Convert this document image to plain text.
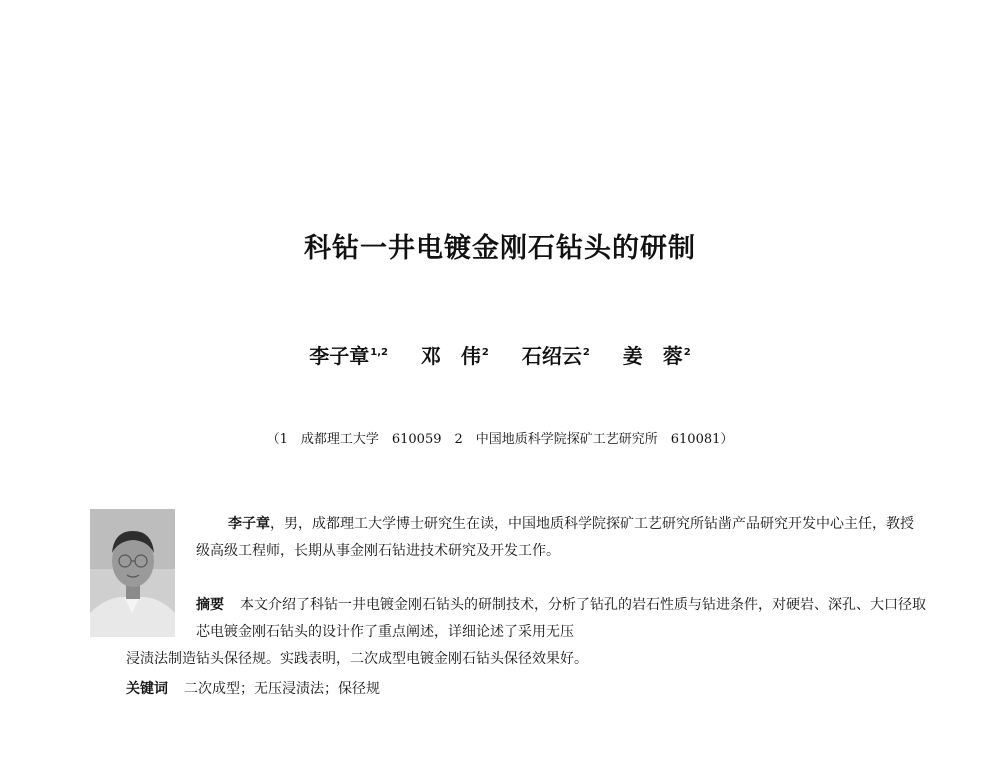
科钻一井电镀金刚石钻头的研制
李子章$^{1,2}$ 邓　伟$^2$ 石绍云$^2$ 姜　蓉$^2$
（1　成都理工大学　610059　2　中国地质科学院探矿工艺研究所　610081）
李子章，男，成都理工大学博士研究生在读，中国地质科学院探矿工艺研究所钻凿产品研究开发中心主任，教授级高级工程师，长期从事金刚石钻进技术研究及开发工作。
摘要 本文介绍了科钻一井电镀金刚石钻头的研制技术，分析了钻孔的岩石性质与钻进条件，对硬岩、深孔、大口径取芯电镀金刚石钻头的设计作了重点阐述，详细论述了采用无压
浸渍法制造钻头保径规。实践表明，二次成型电镀金刚石钻头保径效果好。
关键词 二次成型；无压浸渍法；保径规
